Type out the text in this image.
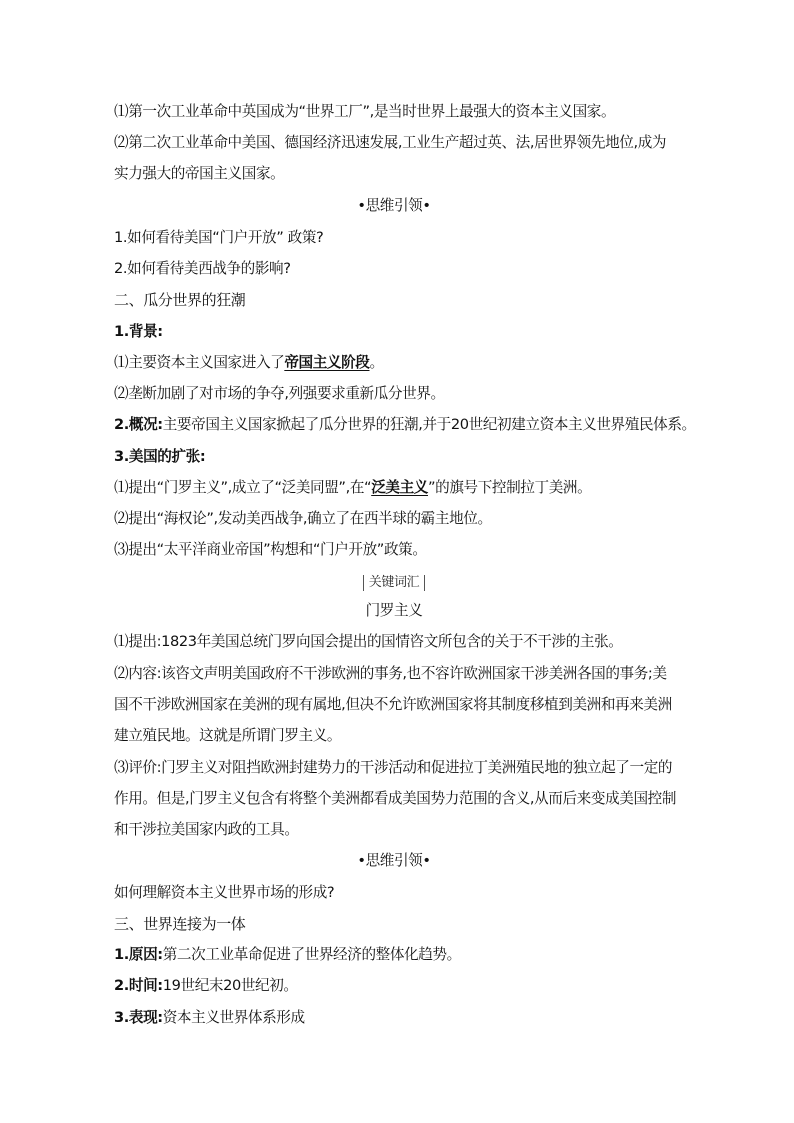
⑴第一次工业革命中英国成为“世界工厂”,是当时世界上最强大的资本主义国家。
⑵第二次工业革命中美国、德国经济迅速发展,工业生产超过英、法,居世界领先地位,成为
实力强大的帝国主义国家。
•思维引领•
1.如何看待美国“门户开放” 政策?
2.如何看待美西战争的影响?
二、瓜分世界的狂潮
1.背景:
⑴主要资本主义国家进入了帝国主义阶段。
⑵垄断加剧了对市场的争夺,列强要求重新瓜分世界。
2.概况:主要帝国主义国家掀起了瓜分世界的狂潮,并于20世纪初建立资本主义世界殖民体系。
3.美国的扩张:
⑴提出“门罗主义”,成立了“泛美同盟”,在“泛美主义”的旗号下控制拉丁美洲。
⑵提出“海权论”,发动美西战争,确立了在西半球的霸主地位。
⑶提出“太平洋商业帝国”构想和“门户开放”政策。
关键词汇
门罗主义
⑴提出:1823年美国总统门罗向国会提出的国情咨文所包含的关于不干涉的主张。
⑵内容:该咨文声明美国政府不干涉欧洲的事务,也不容许欧洲国家干涉美洲各国的事务;美
国不干涉欧洲国家在美洲的现有属地,但决不允许欧洲国家将其制度移植到美洲和再来美洲
建立殖民地。这就是所谓门罗主义。
⑶评价:门罗主义对阻挡欧洲封建势力的干涉活动和促进拉丁美洲殖民地的独立起了一定的
作用。但是,门罗主义包含有将整个美洲都看成美国势力范围的含义,从而后来变成美国控制
和干涉拉美国家内政的工具。
•思维引领•
如何理解资本主义世界市场的形成?
三、世界连接为一体
1.原因:第二次工业革命促进了世界经济的整体化趋势。
2.时间:19世纪末20世纪初。
3.表现:资本主义世界体系形成
